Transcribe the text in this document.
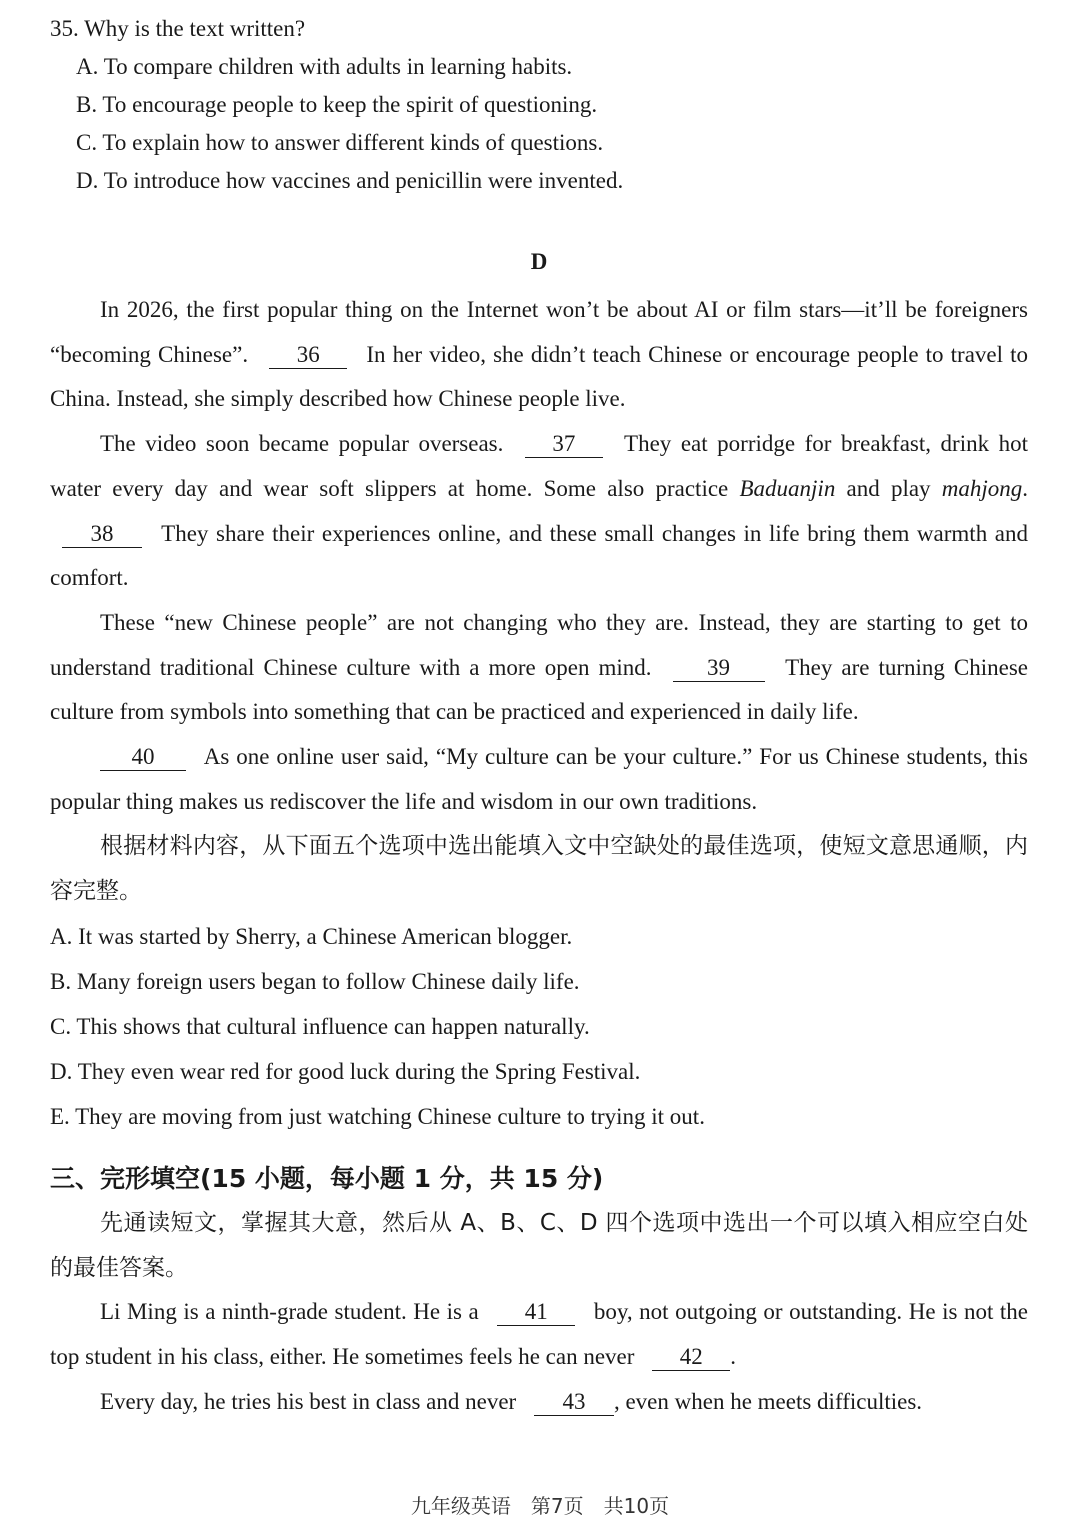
35. Why is the text written?

A. To compare children with adults in learning habits.

B. To encourage people to keep the spirit of questioning.

C. To explain how to answer different kinds of questions.

D. To introduce how vaccines and penicillin were invented.

D

In 2026, the first popular thing on the Internet won’t be about AI or film stars—it’ll be foreigners “becoming Chinese”. 36 In her video, she didn’t teach Chinese or encourage people to travel to China. Instead, she simply described how Chinese people live.

The video soon became popular overseas. 37 They eat porridge for breakfast, drink hot water every day and wear soft slippers at home. Some also practice Baduanjin and play mahjong. 38 They share their experiences online, and these small changes in life bring them warmth and comfort.

These “new Chinese people” are not changing who they are. Instead, they are starting to get to understand traditional Chinese culture with a more open mind. 39 They are turning Chinese culture from symbols into something that can be practiced and experienced in daily life.

40 As one online user said, “My culture can be your culture.” For us Chinese students, this popular thing makes us rediscover the life and wisdom in our own traditions.

根据材料内容，从下面五个选项中选出能填入文中空缺处的最佳选项，使短文意思通顺，内容完整。

A. It was started by Sherry, a Chinese American blogger.

B. Many foreign users began to follow Chinese daily life.

C. This shows that cultural influence can happen naturally.

D. They even wear red for good luck during the Spring Festival.

E. They are moving from just watching Chinese culture to trying it out.

三、完形填空(15 小题，每小题 1 分，共 15 分)

先通读短文，掌握其大意，然后从 A、B、C、D 四个选项中选出一个可以填入相应空白处的最佳答案。

Li Ming is a ninth-grade student. He is a 41 boy, not outgoing or outstanding. He is not the top student in his class, either. He sometimes feels he can never 42 .

Every day, he tries his best in class and never 43 , even when he meets difficulties.

九年级英语　第7页　共10页
